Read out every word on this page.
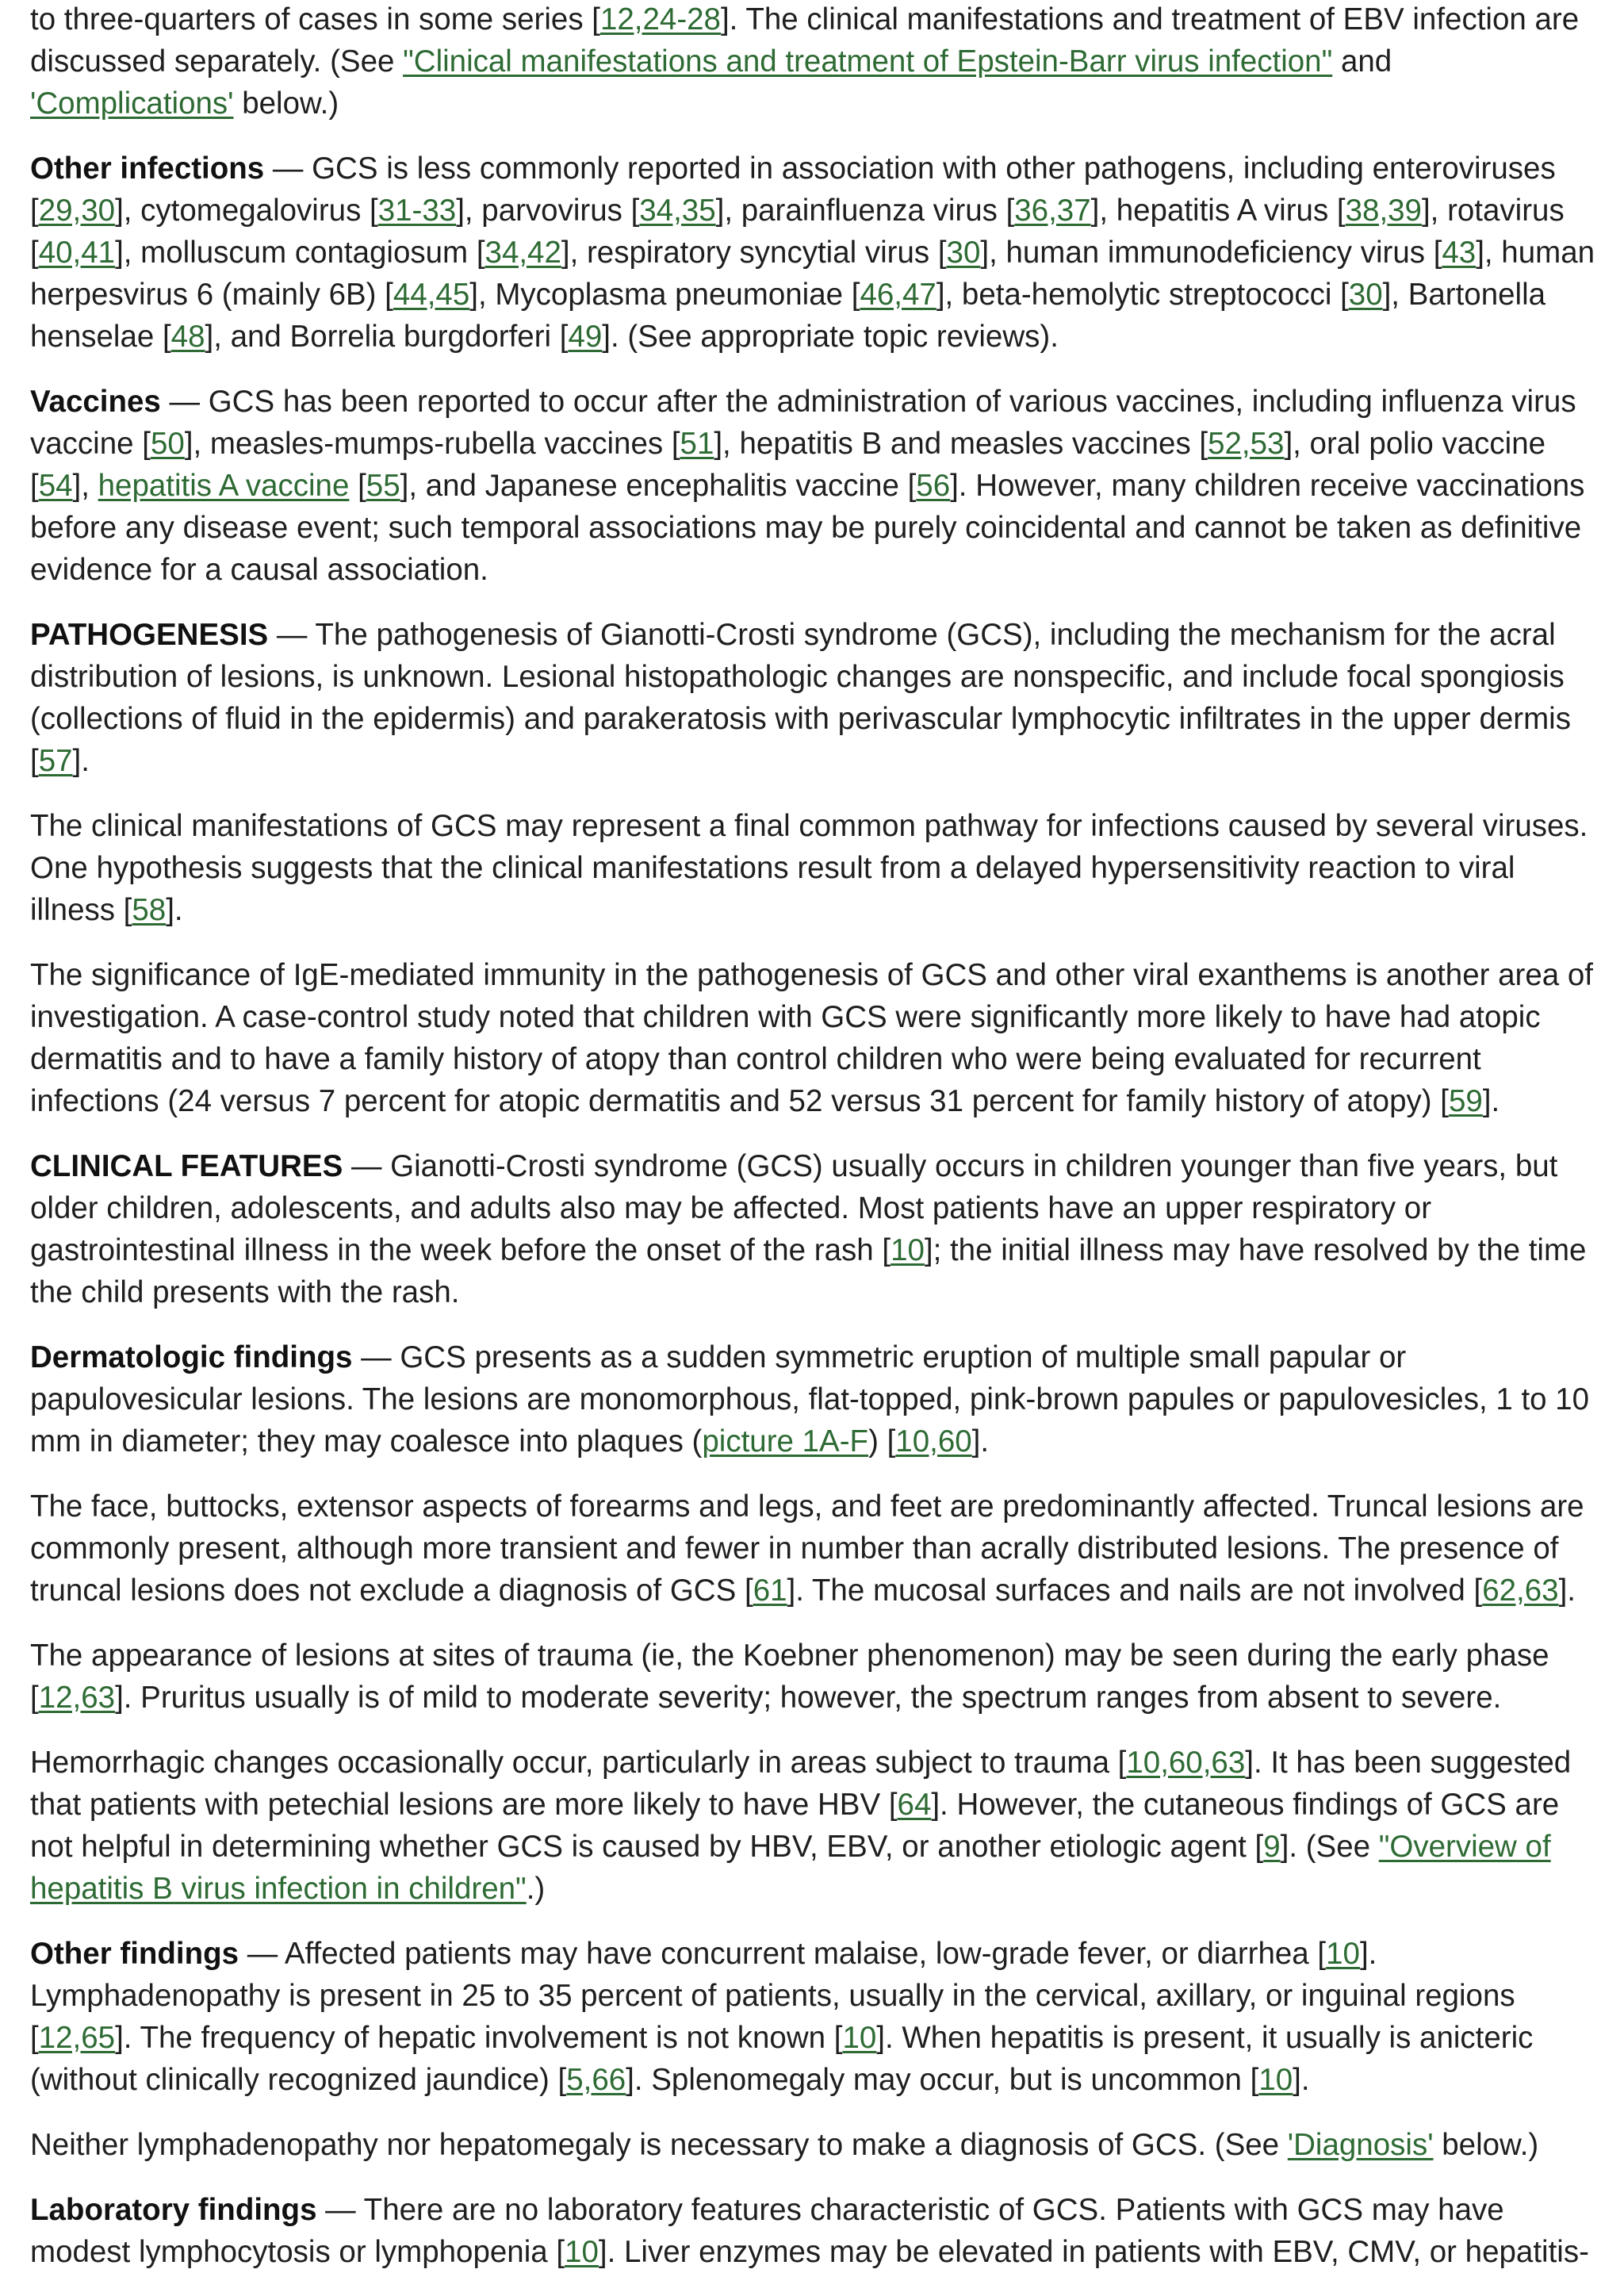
to three-quarters of cases in some series [12,24-28]. The clinical manifestations and treatment of EBV infection are discussed separately. (See "Clinical manifestations and treatment of Epstein-Barr virus infection" and 'Complications' below.)

Other infections — GCS is less commonly reported in association with other pathogens, including enteroviruses [29,30], cytomegalovirus [31-33], parvovirus [34,35], parainfluenza virus [36,37], hepatitis A virus [38,39], rotavirus [40,41], molluscum contagiosum [34,42], respiratory syncytial virus [30], human immunodeficiency virus [43], human herpesvirus 6 (mainly 6B) [44,45], Mycoplasma pneumoniae [46,47], beta-hemolytic streptococci [30], Bartonella henselae [48], and Borrelia burgdorferi [49]. (See appropriate topic reviews).

Vaccines — GCS has been reported to occur after the administration of various vaccines, including influenza virus vaccine [50], measles-mumps-rubella vaccines [51], hepatitis B and measles vaccines [52,53], oral polio vaccine [54], hepatitis A vaccine [55], and Japanese encephalitis vaccine [56]. However, many children receive vaccinations before any disease event; such temporal associations may be purely coincidental and cannot be taken as definitive evidence for a causal association.

PATHOGENESIS — The pathogenesis of Gianotti-Crosti syndrome (GCS), including the mechanism for the acral distribution of lesions, is unknown. Lesional histopathologic changes are nonspecific, and include focal spongiosis (collections of fluid in the epidermis) and parakeratosis with perivascular lymphocytic infiltrates in the upper dermis [57].

The clinical manifestations of GCS may represent a final common pathway for infections caused by several viruses. One hypothesis suggests that the clinical manifestations result from a delayed hypersensitivity reaction to viral illness [58].

The significance of IgE-mediated immunity in the pathogenesis of GCS and other viral exanthems is another area of investigation. A case-control study noted that children with GCS were significantly more likely to have had atopic dermatitis and to have a family history of atopy than control children who were being evaluated for recurrent infections (24 versus 7 percent for atopic dermatitis and 52 versus 31 percent for family history of atopy) [59].

CLINICAL FEATURES — Gianotti-Crosti syndrome (GCS) usually occurs in children younger than five years, but older children, adolescents, and adults also may be affected. Most patients have an upper respiratory or gastrointestinal illness in the week before the onset of the rash [10]; the initial illness may have resolved by the time the child presents with the rash.

Dermatologic findings — GCS presents as a sudden symmetric eruption of multiple small papular or papulovesicular lesions. The lesions are monomorphous, flat-topped, pink-brown papules or papulovesicles, 1 to 10 mm in diameter; they may coalesce into plaques (picture 1A-F) [10,60].

The face, buttocks, extensor aspects of forearms and legs, and feet are predominantly affected. Truncal lesions are commonly present, although more transient and fewer in number than acrally distributed lesions. The presence of truncal lesions does not exclude a diagnosis of GCS [61]. The mucosal surfaces and nails are not involved [62,63].

The appearance of lesions at sites of trauma (ie, the Koebner phenomenon) may be seen during the early phase [12,63]. Pruritus usually is of mild to moderate severity; however, the spectrum ranges from absent to severe.

Hemorrhagic changes occasionally occur, particularly in areas subject to trauma [10,60,63]. It has been suggested that patients with petechial lesions are more likely to have HBV [64]. However, the cutaneous findings of GCS are not helpful in determining whether GCS is caused by HBV, EBV, or another etiologic agent [9]. (See "Overview of hepatitis B virus infection in children".)

Other findings — Affected patients may have concurrent malaise, low-grade fever, or diarrhea [10]. Lymphadenopathy is present in 25 to 35 percent of patients, usually in the cervical, axillary, or inguinal regions [12,65]. The frequency of hepatic involvement is not known [10]. When hepatitis is present, it usually is anicteric (without clinically recognized jaundice) [5,66]. Splenomegaly may occur, but is uncommon [10].

Neither lymphadenopathy nor hepatomegaly is necessary to make a diagnosis of GCS. (See 'Diagnosis' below.)

Laboratory findings — There are no laboratory features characteristic of GCS. Patients with GCS may have modest lymphocytosis or lymphopenia [10]. Liver enzymes may be elevated in patients with EBV, CMV, or hepatitis-
